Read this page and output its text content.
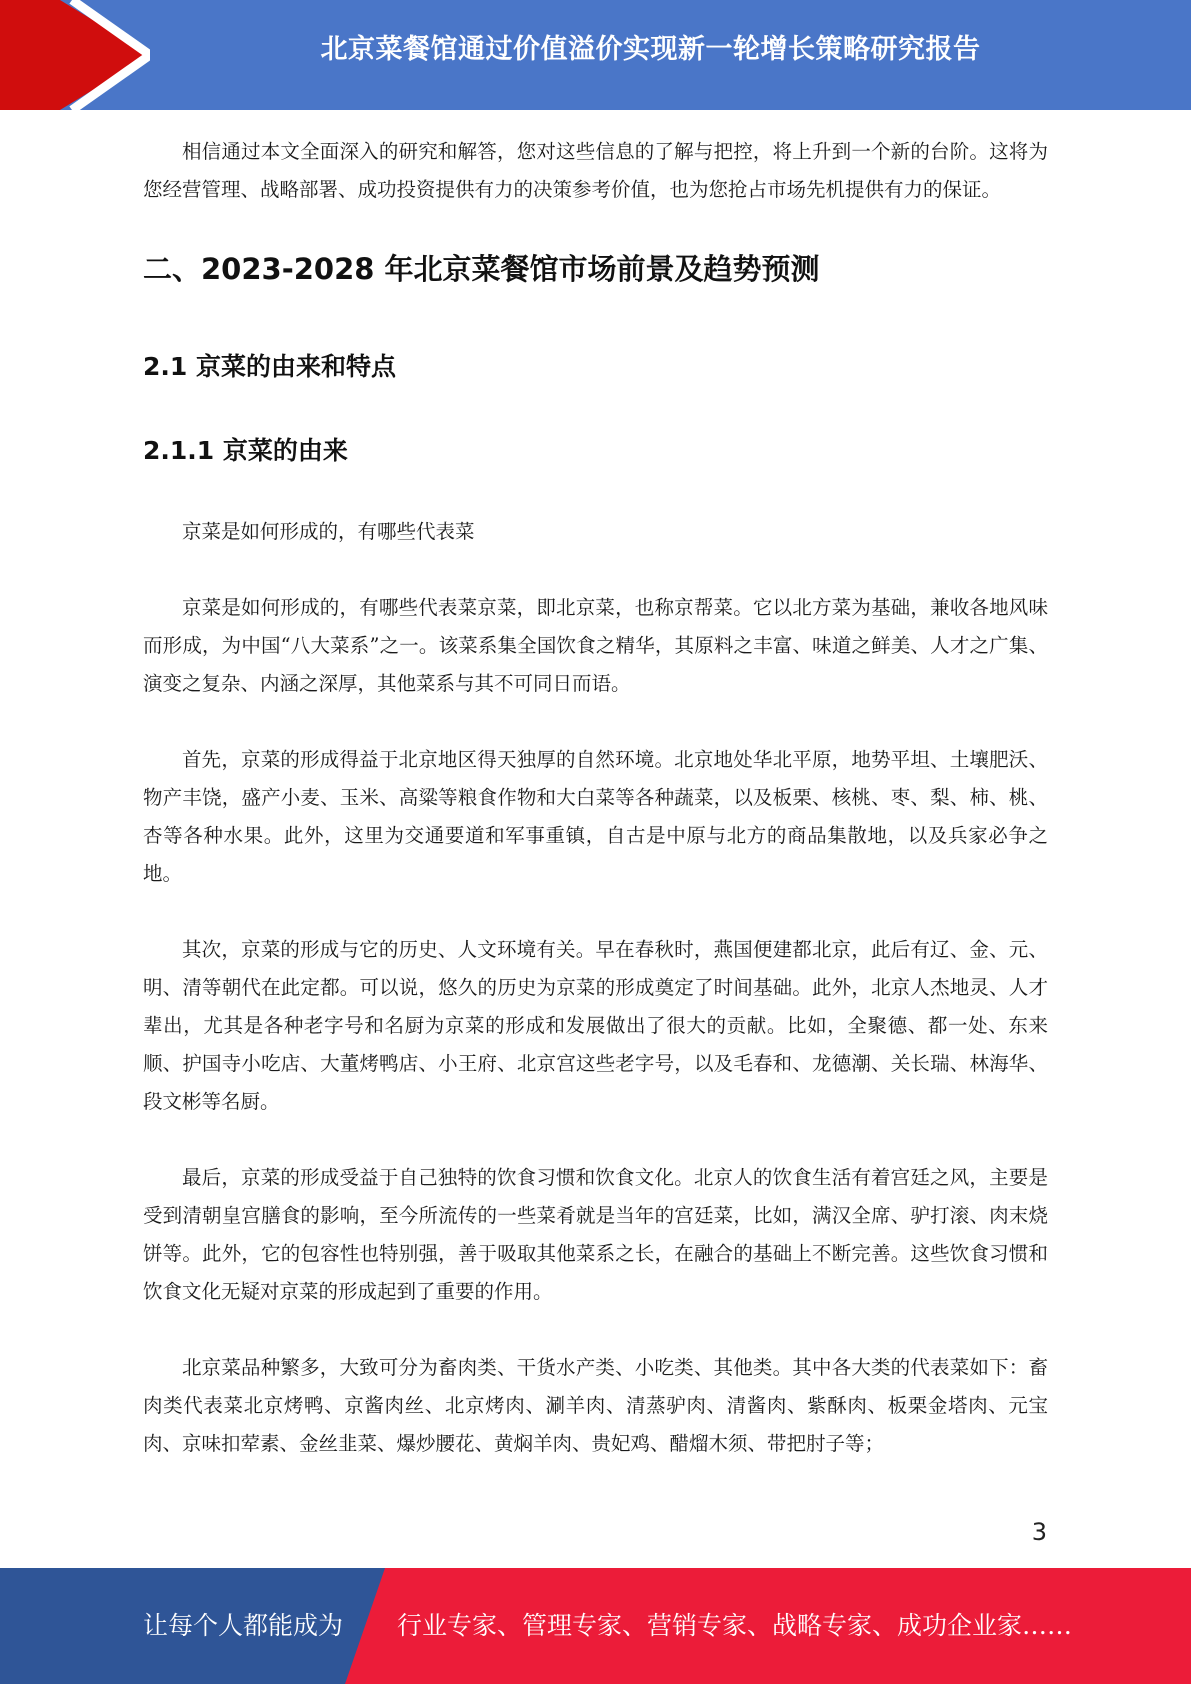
北京菜餐馆通过价值溢价实现新一轮增长策略研究报告

相信通过本文全面深入的研究和解答，您对这些信息的了解与把控，将上升到一个新的台阶。这将为您经营管理、战略部署、成功投资提供有力的决策参考价值，也为您抢占市场先机提供有力的保证。

二、2023-2028 年北京菜餐馆市场前景及趋势预测
2.1 京菜的由来和特点
2.1.1 京菜的由来

京菜是如何形成的，有哪些代表菜

京菜是如何形成的，有哪些代表菜京菜，即北京菜，也称京帮菜。它以北方菜为基础，兼收各地风味而形成，为中国“八大菜系”之一。该菜系集全国饮食之精华，其原料之丰富、味道之鲜美、人才之广集、演变之复杂、内涵之深厚，其他菜系与其不可同日而语。

首先，京菜的形成得益于北京地区得天独厚的自然环境。北京地处华北平原，地势平坦、土壤肥沃、物产丰饶，盛产小麦、玉米、高粱等粮食作物和大白菜等各种蔬菜，以及板栗、核桃、枣、梨、柿、桃、杏等各种水果。此外，这里为交通要道和军事重镇，自古是中原与北方的商品集散地，以及兵家必争之地。

其次，京菜的形成与它的历史、人文环境有关。早在春秋时，燕国便建都北京，此后有辽、金、元、明、清等朝代在此定都。可以说，悠久的历史为京菜的形成奠定了时间基础。此外，北京人杰地灵、人才辈出，尤其是各种老字号和名厨为京菜的形成和发展做出了很大的贡献。比如，全聚德、都一处、东来顺、护国寺小吃店、大董烤鸭店、小王府、北京宫这些老字号，以及毛春和、龙德潮、关长瑞、林海华、段文彬等名厨。

最后，京菜的形成受益于自己独特的饮食习惯和饮食文化。北京人的饮食生活有着宫廷之风，主要是受到清朝皇宫膳食的影响，至今所流传的一些菜肴就是当年的宫廷菜，比如，满汉全席、驴打滚、肉末烧饼等。此外，它的包容性也特别强，善于吸取其他菜系之长，在融合的基础上不断完善。这些饮食习惯和饮食文化无疑对京菜的形成起到了重要的作用。

北京菜品种繁多，大致可分为畜肉类、干货水产类、小吃类、其他类。其中各大类的代表菜如下：畜肉类代表菜北京烤鸭、京酱肉丝、北京烤肉、涮羊肉、清蒸驴肉、清酱肉、紫酥肉、板栗金塔肉、元宝肉、京味扣荤素、金丝韭菜、爆炒腰花、黄焖羊肉、贵妃鸡、醋熘木须、带把肘子等；

3
让每个人都能成为 行业专家、管理专家、营销专家、战略专家、成功企业家……
